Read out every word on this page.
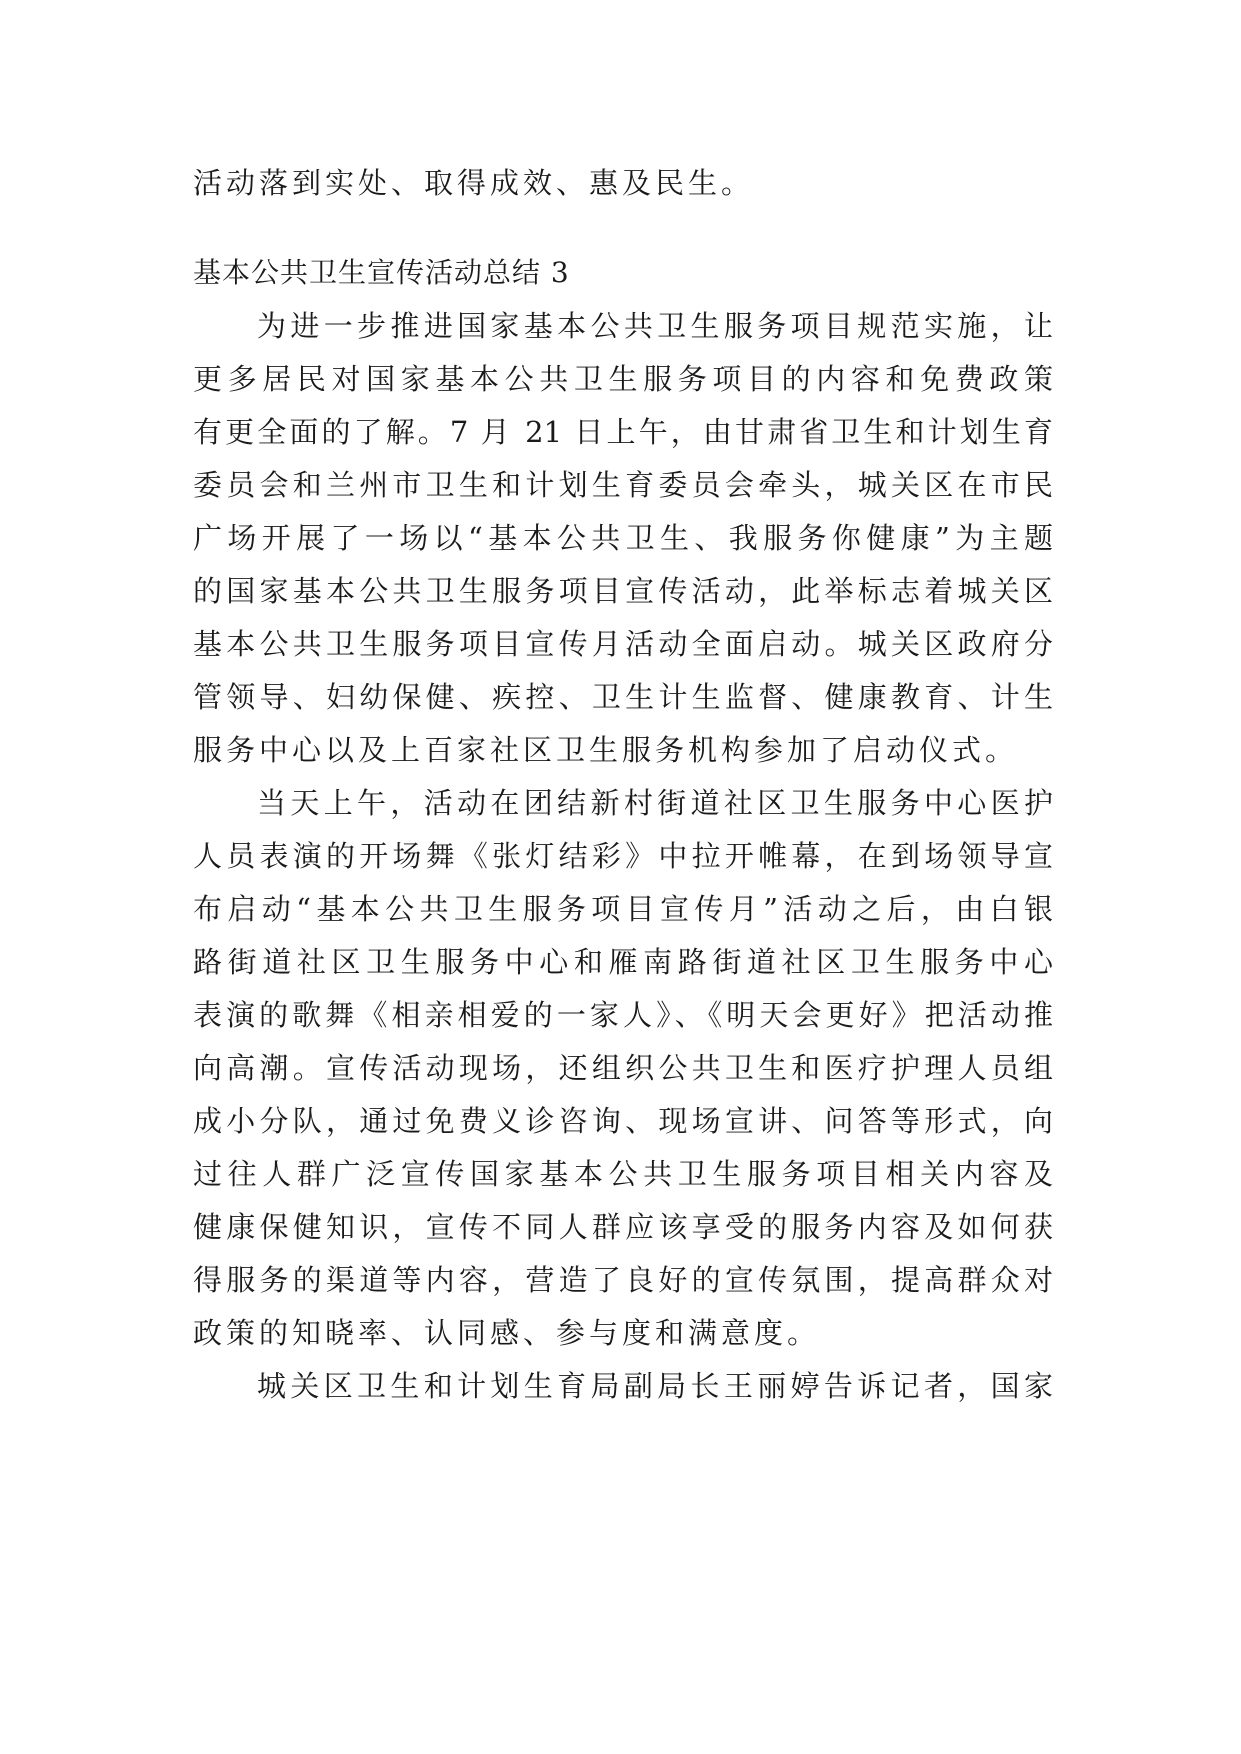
活动落到实处、取得成效、惠及民生。
基本公共卫生宣传活动总结 3
为进一步推进国家基本公共卫生服务项目规范实施，让
更多居民对国家基本公共卫生服务项目的内容和免费政策
有更全面的了解。7 月 21 日上午，由甘肃省卫生和计划生育
委员会和兰州市卫生和计划生育委员会牵头，城关区在市民
广场开展了一场以“基本公共卫生、我服务你健康”为主题
的国家基本公共卫生服务项目宣传活动，此举标志着城关区
基本公共卫生服务项目宣传月活动全面启动。城关区政府分
管领导、妇幼保健、疾控、卫生计生监督、健康教育、计生
服务中心以及上百家社区卫生服务机构参加了启动仪式。
当天上午，活动在团结新村街道社区卫生服务中心医护
人员表演的开场舞《张灯结彩》中拉开帷幕，在到场领导宣
布启动“基本公共卫生服务项目宣传月”活动之后，由白银
路街道社区卫生服务中心和雁南路街道社区卫生服务中心
表演的歌舞《相亲相爱的一家人》、《明天会更好》把活动推
向高潮。宣传活动现场，还组织公共卫生和医疗护理人员组
成小分队，通过免费义诊咨询、现场宣讲、问答等形式，向
过往人群广泛宣传国家基本公共卫生服务项目相关内容及
健康保健知识，宣传不同人群应该享受的服务内容及如何获
得服务的渠道等内容，营造了良好的宣传氛围，提高群众对
政策的知晓率、认同感、参与度和满意度。
城关区卫生和计划生育局副局长王丽婷告诉记者，国家
